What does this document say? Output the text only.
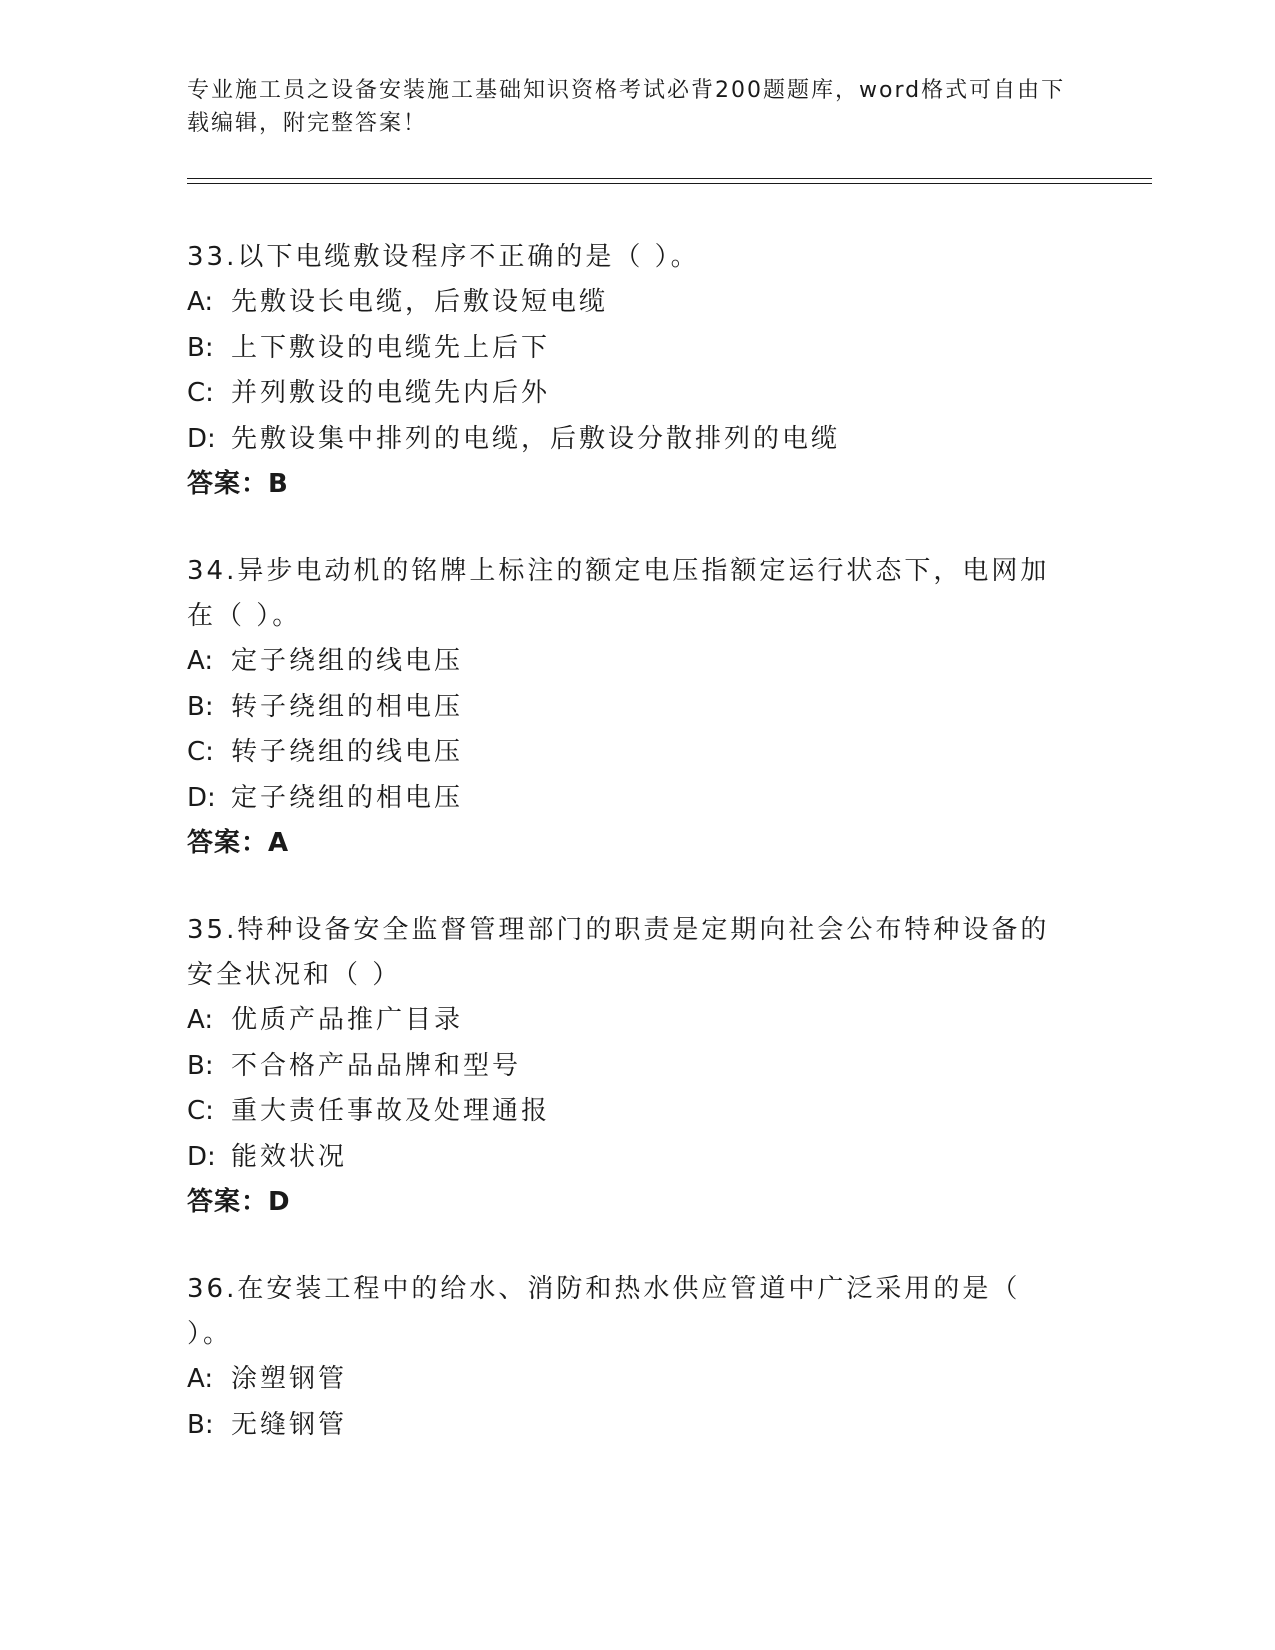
专业施工员之设备安装施工基础知识资格考试必背200题题库，word格式可自由下载编辑，附完整答案！
33.以下电缆敷设程序不正确的是（ ）。
A: 先敷设长电缆，后敷设短电缆
B: 上下敷设的电缆先上后下
C: 并列敷设的电缆先内后外
D: 先敷设集中排列的电缆，后敷设分散排列的电缆
答案：B
34.异步电动机的铭牌上标注的额定电压指额定运行状态下，电网加在（ ）。
A: 定子绕组的线电压
B: 转子绕组的相电压
C: 转子绕组的线电压
D: 定子绕组的相电压
答案：A
35.特种设备安全监督管理部门的职责是定期向社会公布特种设备的安全状况和（ ）
A: 优质产品推广目录
B: 不合格产品品牌和型号
C: 重大责任事故及处理通报
D: 能效状况
答案：D
36.在安装工程中的给水、消防和热水供应管道中广泛采用的是（ ）。
A: 涂塑钢管
B: 无缝钢管
